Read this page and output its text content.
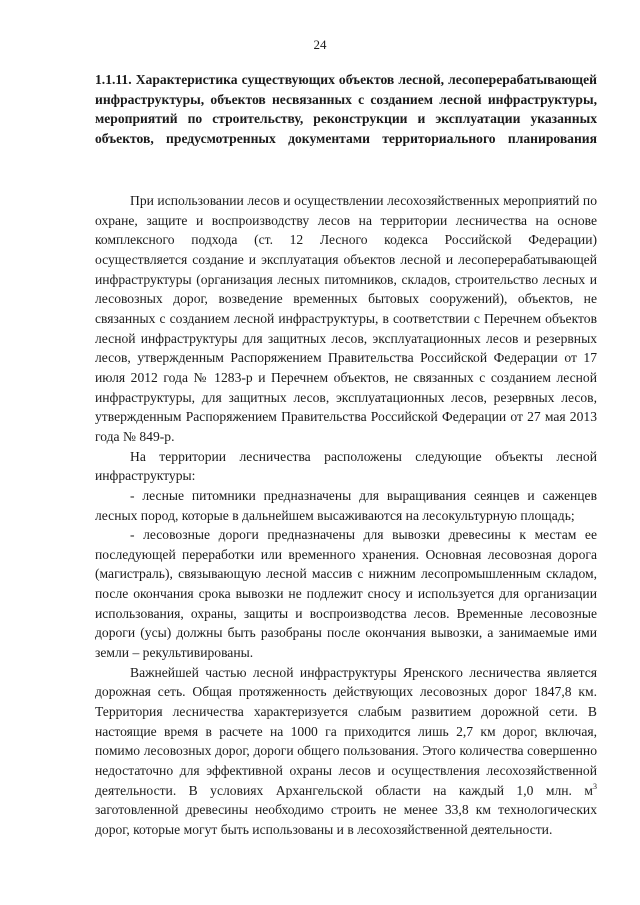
24
1.1.11. Характеристика существующих объектов лесной, лесоперерабатывающей инфраструктуры, объектов несвязанных с созданием лесной инфраструктуры, мероприятий по строительству, реконструкции и эксплуатации указанных объектов, предусмотренных документами территориального планирования

При использовании лесов и осуществлении лесохозяйственных мероприятий по охране, защите и воспроизводству лесов на территории лесничества на основе комплексного подхода (ст. 12 Лесного кодекса Российской Федерации) осуществляется создание и эксплуатация объектов лесной и лесоперерабатывающей инфраструктуры (организация лесных питомников, складов, строительство лесных и лесовозных дорог, возведение временных бытовых сооружений), объектов, не связанных с созданием лесной инфраструктуры, в соответствии с Перечнем объектов лесной инфраструктуры для защитных лесов, эксплуатационных лесов и резервных лесов, утвержденным Распоряжением Правительства Российской Федерации от 17 июля 2012 года № 1283-р и Перечнем объектов, не связанных с созданием лесной инфраструктуры, для защитных лесов, эксплуатационных лесов, резервных лесов, утвержденным Распоряжением Правительства Российской Федерации от 27 мая 2013 года № 849-р.

На территории лесничества расположены следующие объекты лесной инфраструктуры:

- лесные питомники предназначены для выращивания сеянцев и саженцев лесных пород, которые в дальнейшем высаживаются на лесокультурную площадь;

- лесовозные дороги предназначены для вывозки древесины к местам ее последующей переработки или временного хранения. Основная лесовозная дорога (магистраль), связывающую лесной массив с нижним лесопромышленным складом, после окончания срока вывозки не подлежит сносу и используется для организации использования, охраны, защиты и воспроизводства лесов. Временные лесовозные дороги (усы) должны быть разобраны после окончания вывозки, а занимаемые ими земли – рекультивированы.

Важнейшей частью лесной инфраструктуры Яренского лесничества является дорожная сеть. Общая протяженность действующих лесовозных дорог 1847,8 км. Территория лесничества характеризуется слабым развитием дорожной сети. В настоящие время в расчете на 1000 га приходится лишь 2,7 км дорог, включая, помимо лесовозных дорог, дороги общего пользования. Этого количества совершенно недостаточно для эффективной охраны лесов и осуществления лесохозяйственной деятельности. В условиях Архангельской области на каждый 1,0 млн. $м^3$ заготовленной древесины необходимо строить не менее 33,8 км технологических дорог, которые могут быть использованы и в лесохозяйственной деятельности.
